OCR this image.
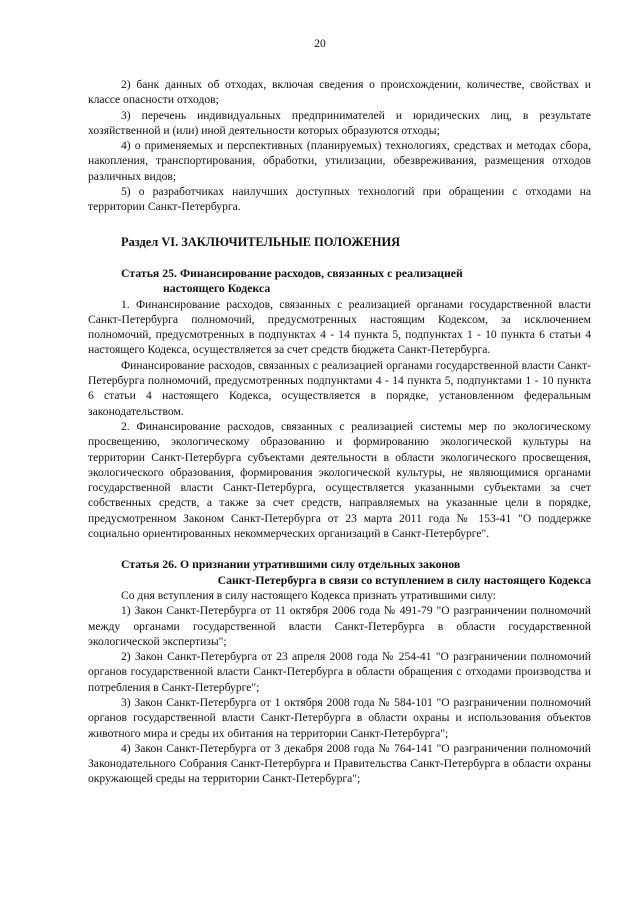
20

2) банк данных об отходах, включая сведения о происхождении, количестве, свойствах и классе опасности отходов;

3) перечень индивидуальных предпринимателей и юридических лиц, в результате хозяйственной и (или) иной деятельности которых образуются отходы;

4) о применяемых и перспективных (планируемых) технологиях, средствах и методах сбора, накопления, транспортирования, обработки, утилизации, обезвреживания, размещения отходов различных видов;

5) о разработчиках наилучших доступных технологий при обращении с отходами на территории Санкт-Петербурга.

Раздел VI. ЗАКЛЮЧИТЕЛЬНЫЕ ПОЛОЖЕНИЯ
Статья 25. Финансирование расходов, связанных с реализацией
настоящего Кодекса

1. Финансирование расходов, связанных с реализацией органами государственной власти Санкт-Петербурга полномочий, предусмотренных настоящим Кодексом, за исключением полномочий, предусмотренных в подпунктах 4 - 14 пункта 5, подпунктах 1 - 10 пункта 6 статьи 4 настоящего Кодекса, осуществляется за счет средств бюджета Санкт-Петербурга.

Финансирование расходов, связанных с реализацией органами государственной власти Санкт-Петербурга полномочий, предусмотренных подпунктами 4 - 14 пункта 5, подпунктами 1 - 10 пункта 6 статьи 4 настоящего Кодекса, осуществляется в порядке, установленном федеральным законодательством.

2. Финансирование расходов, связанных с реализацией системы мер по экологическому просвещению, экологическому образованию и формированию экологической культуры на территории Санкт-Петербурга субъектами деятельности в области экологического просвещения, экологического образования, формирования экологической культуры, не являющимися органами государственной власти Санкт-Петербурга, осуществляется указанными субъектами за счет собственных средств, а также за счет средств, направляемых на указанные цели в порядке, предусмотренном Законом Санкт-Петербурга от 23 марта 2011 года № 153-41 "О поддержке социально ориентированных некоммерческих организаций в Санкт-Петербурге".

Статья 26. О признании утратившими силу отдельных законов
Санкт-Петербурга в связи со вступлением в силу настоящего Кодекса

Со дня вступления в силу настоящего Кодекса признать утратившими силу:

1) Закон Санкт-Петербурга от 11 октября 2006 года № 491-79 "О разграничении полномочий между органами государственной власти Санкт-Петербурга в области государственной экологической экспертизы";

2) Закон Санкт-Петербурга от 23 апреля 2008 года № 254-41 "О разграничении полномочий органов государственной власти Санкт-Петербурга в области обращения с отходами производства и потребления в Санкт-Петербурге";

3) Закон Санкт-Петербурга от 1 октября 2008 года № 584-101 "О разграничении полномочий органов государственной власти Санкт-Петербурга в области охраны и использования объектов животного мира и среды их обитания на территории Санкт-Петербурга";

4) Закон Санкт-Петербурга от 3 декабря 2008 года № 764-141 "О разграничении полномочий Законодательного Собрания Санкт-Петербурга и Правительства Санкт-Петербурга в области охраны окружающей среды на территории Санкт-Петербурга";
